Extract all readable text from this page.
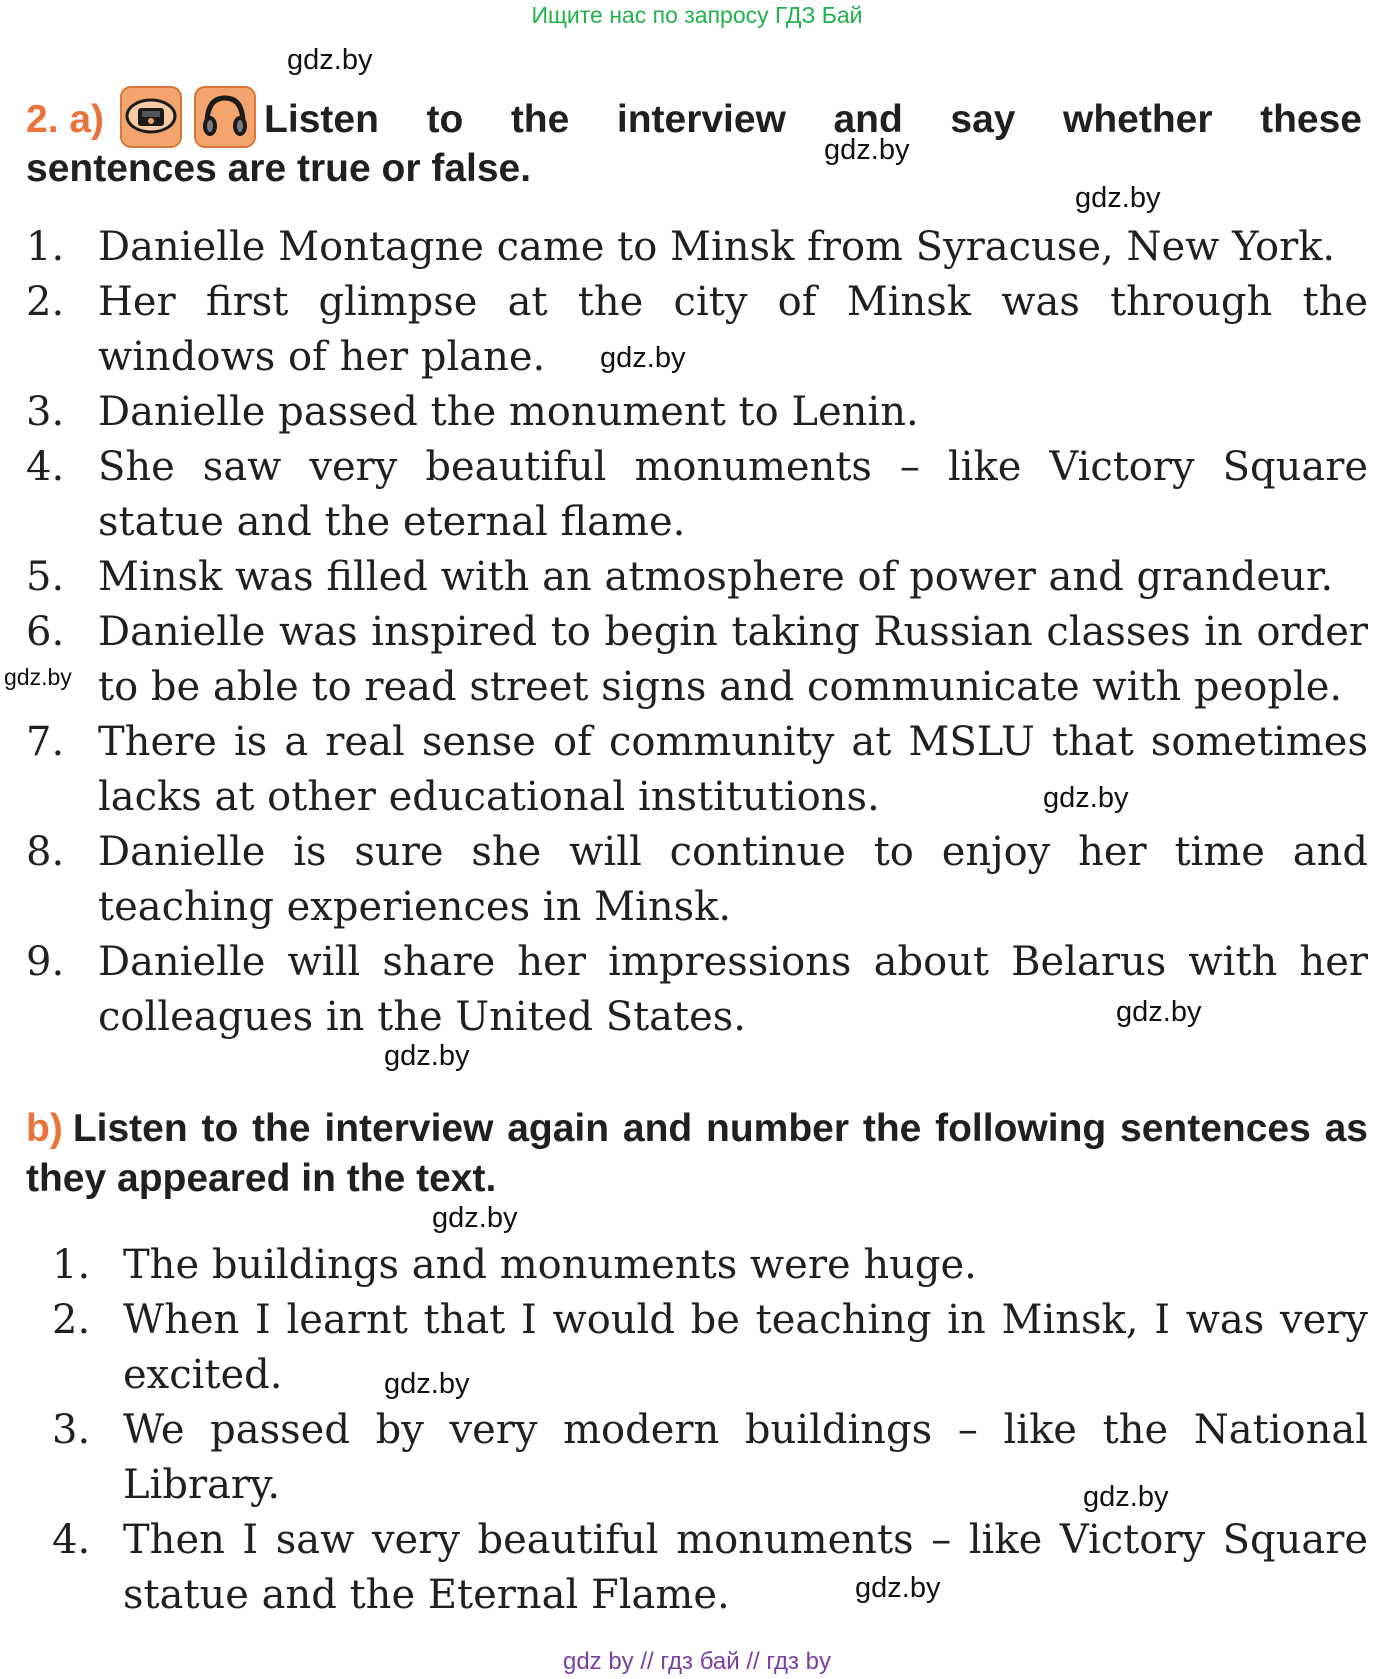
Ищите нас по запросу ГДЗ Бай
2. a)	Listen to the interview and say whether these
sentences are true or false.
1. Danielle Montagne came to Minsk from Syracuse, New York.
2. Her first glimpse at the city of Minsk was through the windows of her plane.
3. Danielle passed the monument to Lenin.
4. She saw very beautiful monuments – like Victory Square statue and the eternal flame.
5. Minsk was filled with an atmosphere of power and grandeur.
6. Danielle was inspired to begin taking Russian classes in order to be able to read street signs and communicate with people.
7. There is a real sense of community at MSLU that sometimes lacks at other educational institutions.
8. Danielle is sure she will continue to enjoy her time and teaching experiences in Minsk.
9. Danielle will share her impressions about Belarus with her colleagues in the United States.
b) Listen to the interview again and number the following sentences as they appeared in the text.
1. The buildings and monuments were huge.
2. When I learnt that I would be teaching in Minsk, I was very excited.
3. We passed by very modern buildings – like the National Library.
4. Then I saw very beautiful monuments – like Victory Square statue and the Eternal Flame.
gdz.by
gdz.by
gdz.by
gdz.by
gdz.by
gdz.by
gdz.by
gdz.by
gdz.by
gdz.by
gdz.by
gdz.by
gdz by // гдз бай // гдз by
